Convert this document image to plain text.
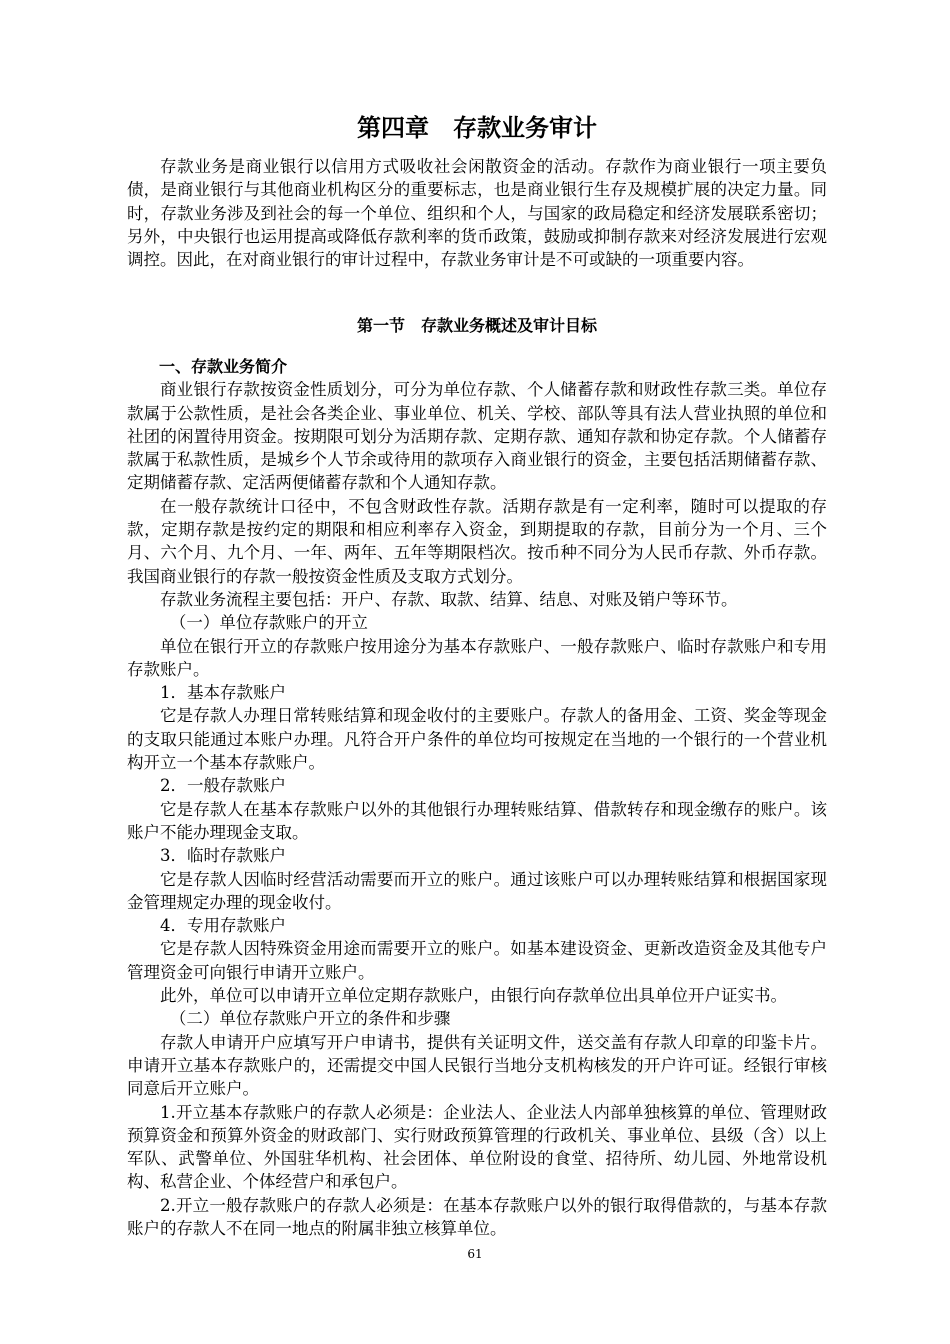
第四章　存款业务审计

存款业务是商业银行以信用方式吸收社会闲散资金的活动。存款作为商业银行一项主要负债，是商业银行与其他商业机构区分的重要标志，也是商业银行生存及规模扩展的决定力量。同时，存款业务涉及到社会的每一个单位、组织和个人，与国家的政局稳定和经济发展联系密切；另外，中央银行也运用提高或降低存款利率的货币政策，鼓励或抑制存款来对经济发展进行宏观调控。因此，在对商业银行的审计过程中，存款业务审计是不可或缺的一项重要内容。

第一节　存款业务概述及审计目标
一、存款业务简介

商业银行存款按资金性质划分，可分为单位存款、个人储蓄存款和财政性存款三类。单位存款属于公款性质，是社会各类企业、事业单位、机关、学校、部队等具有法人营业执照的单位和社团的闲置待用资金。按期限可划分为活期存款、定期存款、通知存款和协定存款。个人储蓄存款属于私款性质，是城乡个人节余或待用的款项存入商业银行的资金，主要包括活期储蓄存款、定期储蓄存款、定活两便储蓄存款和个人通知存款。

在一般存款统计口径中，不包含财政性存款。活期存款是有一定利率，随时可以提取的存款，定期存款是按约定的期限和相应利率存入资金，到期提取的存款，目前分为一个月、三个月、六个月、九个月、一年、两年、五年等期限档次。按币种不同分为人民币存款、外币存款。我国商业银行的存款一般按资金性质及支取方式划分。

存款业务流程主要包括：开户、存款、取款、结算、结息、对账及销户等环节。

（一）单位存款账户的开立

单位在银行开立的存款账户按用途分为基本存款账户、一般存款账户、临时存款账户和专用存款账户。

1．基本存款账户

它是存款人办理日常转账结算和现金收付的主要账户。存款人的备用金、工资、奖金等现金的支取只能通过本账户办理。凡符合开户条件的单位均可按规定在当地的一个银行的一个营业机构开立一个基本存款账户。

2．一般存款账户

它是存款人在基本存款账户以外的其他银行办理转账结算、借款转存和现金缴存的账户。该账户不能办理现金支取。

3．临时存款账户

它是存款人因临时经营活动需要而开立的账户。通过该账户可以办理转账结算和根据国家现金管理规定办理的现金收付。

4．专用存款账户

它是存款人因特殊资金用途而需要开立的账户。如基本建设资金、更新改造资金及其他专户管理资金可向银行申请开立账户。

此外，单位可以申请开立单位定期存款账户，由银行向存款单位出具单位开户证实书。

（二）单位存款账户开立的条件和步骤

存款人申请开户应填写开户申请书，提供有关证明文件，送交盖有存款人印章的印鉴卡片。申请开立基本存款账户的，还需提交中国人民银行当地分支机构核发的开户许可证。经银行审核同意后开立账户。

1.开立基本存款账户的存款人必须是：企业法人、企业法人内部单独核算的单位、管理财政预算资金和预算外资金的财政部门、实行财政预算管理的行政机关、事业单位、县级（含）以上军队、武警单位、外国驻华机构、社会团体、单位附设的食堂、招待所、幼儿园、外地常设机构、私营企业、个体经营户和承包户。

2.开立一般存款账户的存款人必须是：在基本存款账户以外的银行取得借款的，与基本存款账户的存款人不在同一地点的附属非独立核算单位。

61
